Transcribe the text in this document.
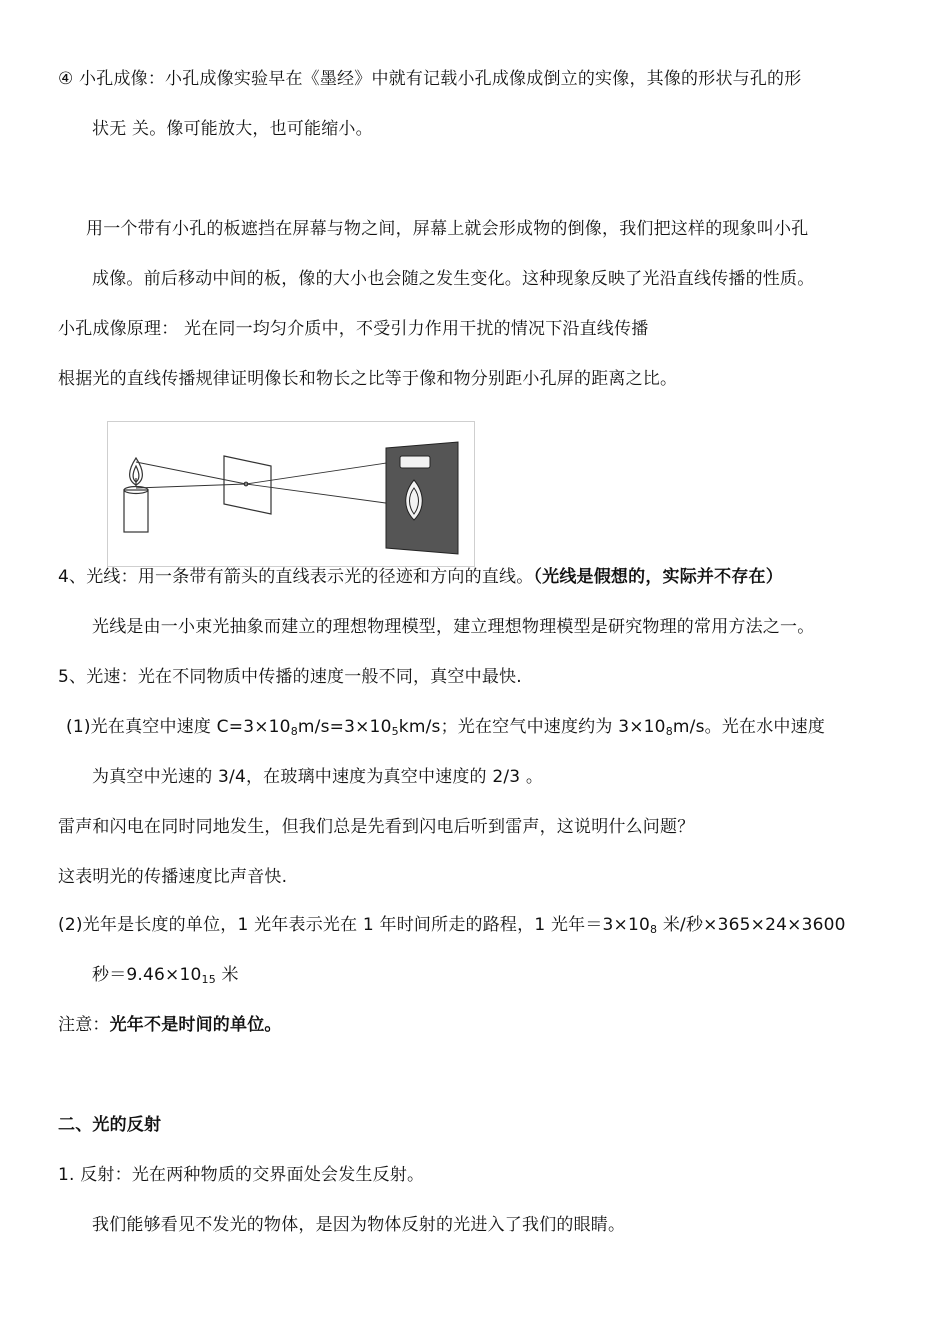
④ 小孔成像：小孔成像实验早在《墨经》中就有记载小孔成像成倒立的实像，其像的形状与孔的形
状无 关。像可能放大，也可能缩小。
用一个带有小孔的板遮挡在屏幕与物之间，屏幕上就会形成物的倒像，我们把这样的现象叫小孔
成像。前后移动中间的板，像的大小也会随之发生变化。这种现象反映了光沿直线传播的性质。
小孔成像原理： 光在同一均匀介质中，不受引力作用干扰的情况下沿直线传播
根据光的直线传播规律证明像长和物长之比等于像和物分别距小孔屏的距离之比。
4、光线：用一条带有箭头的直线表示光的径迹和方向的直线。（光线是假想的，实际并不存在）
光线是由一小束光抽象而建立的理想物理模型，建立理想物理模型是研究物理的常用方法之一。
5、光速：光在不同物质中传播的速度一般不同，真空中最快.
(1)光在真空中速度 $C=3\times 10_8m/s=3\times 10_5km/s$；光在空气中速度约为 $3\times 10_8m/s$。光在水中速度
为真空中光速的 3/4，在玻璃中速度为真空中速度的 2/3 。
雷声和闪电在同时同地发生，但我们总是先看到闪电后听到雷声，这说明什么问题？
这表明光的传播速度比声音快.
(2)光年是长度的单位，1 光年表示光在 1 年时间所走的路程，1 光年$=3\times 10_8$ 米/秒×365×24×3600
秒$=9.46\times 10_{15}$ 米
注意：光年不是时间的单位。
二、光的反射
1. 反射：光在两种物质的交界面处会发生反射。
我们能够看见不发光的物体，是因为物体反射的光进入了我们的眼睛。
